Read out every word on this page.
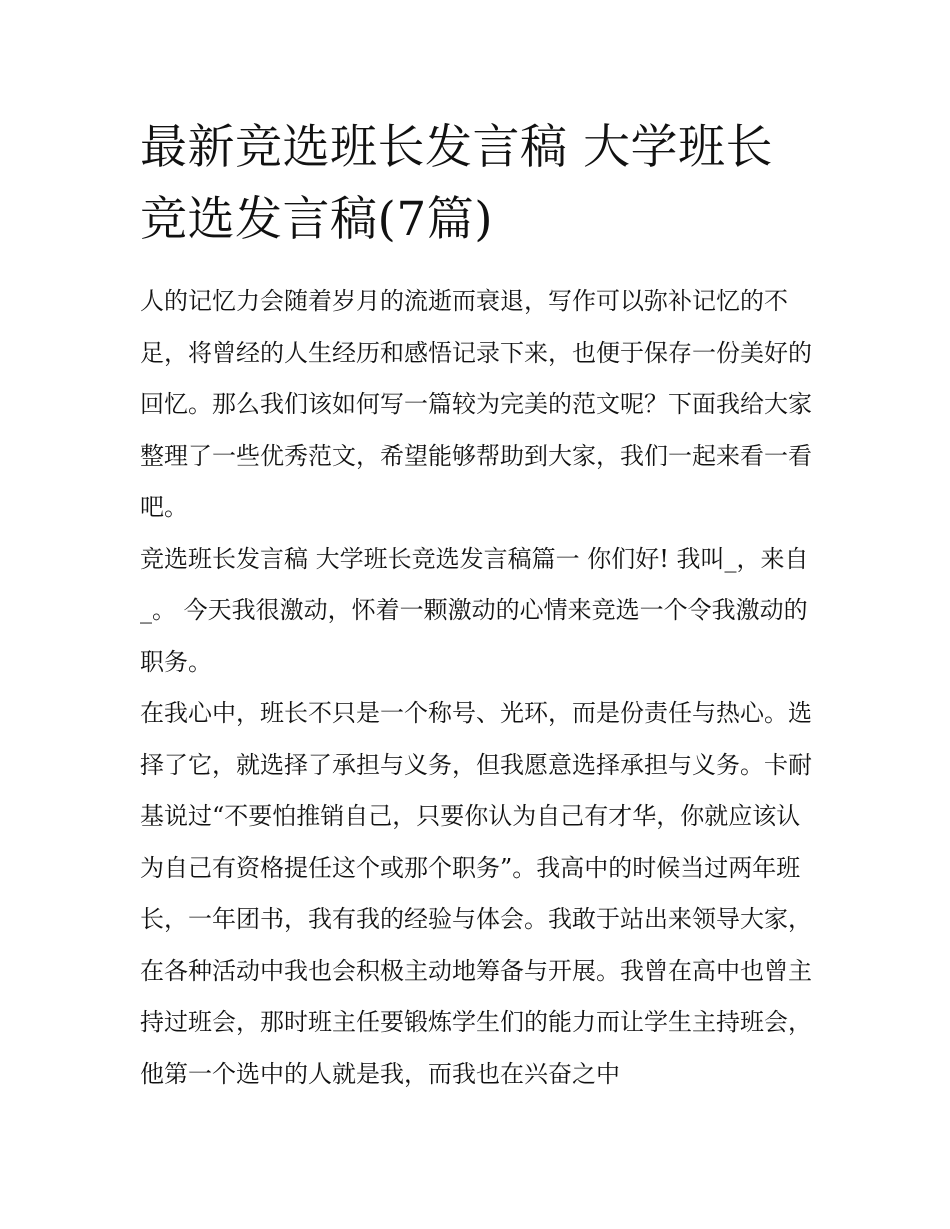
最新竞选班长发言稿 大学班长竞选发言稿(7篇)

人的记忆力会随着岁月的流逝而衰退，写作可以弥补记忆的不足，将曾经的人生经历和感悟记录下来，也便于保存一份美好的回忆。那么我们该如何写一篇较为完美的范文呢？下面我给大家整理了一些优秀范文，希望能够帮助到大家，我们一起来看一看吧。

竞选班长发言稿 大学班长竞选发言稿篇一 你们好! 我叫_，来自_。 今天我很激动，怀着一颗激动的心情来竞选一个令我激动的职务。

在我心中，班长不只是一个称号、光环，而是份责任与热心。选择了它，就选择了承担与义务，但我愿意选择承担与义务。卡耐基说过“不要怕推销自己，只要你认为自己有才华，你就应该认为自己有资格提任这个或那个职务”。我高中的时候当过两年班长，一年团书，我有我的经验与体会。我敢于站出来领导大家，在各种活动中我也会积极主动地筹备与开展。我曾在高中也曾主持过班会，那时班主任要锻炼学生们的能力而让学生主持班会，他第一个选中的人就是我，而我也在兴奋之中
